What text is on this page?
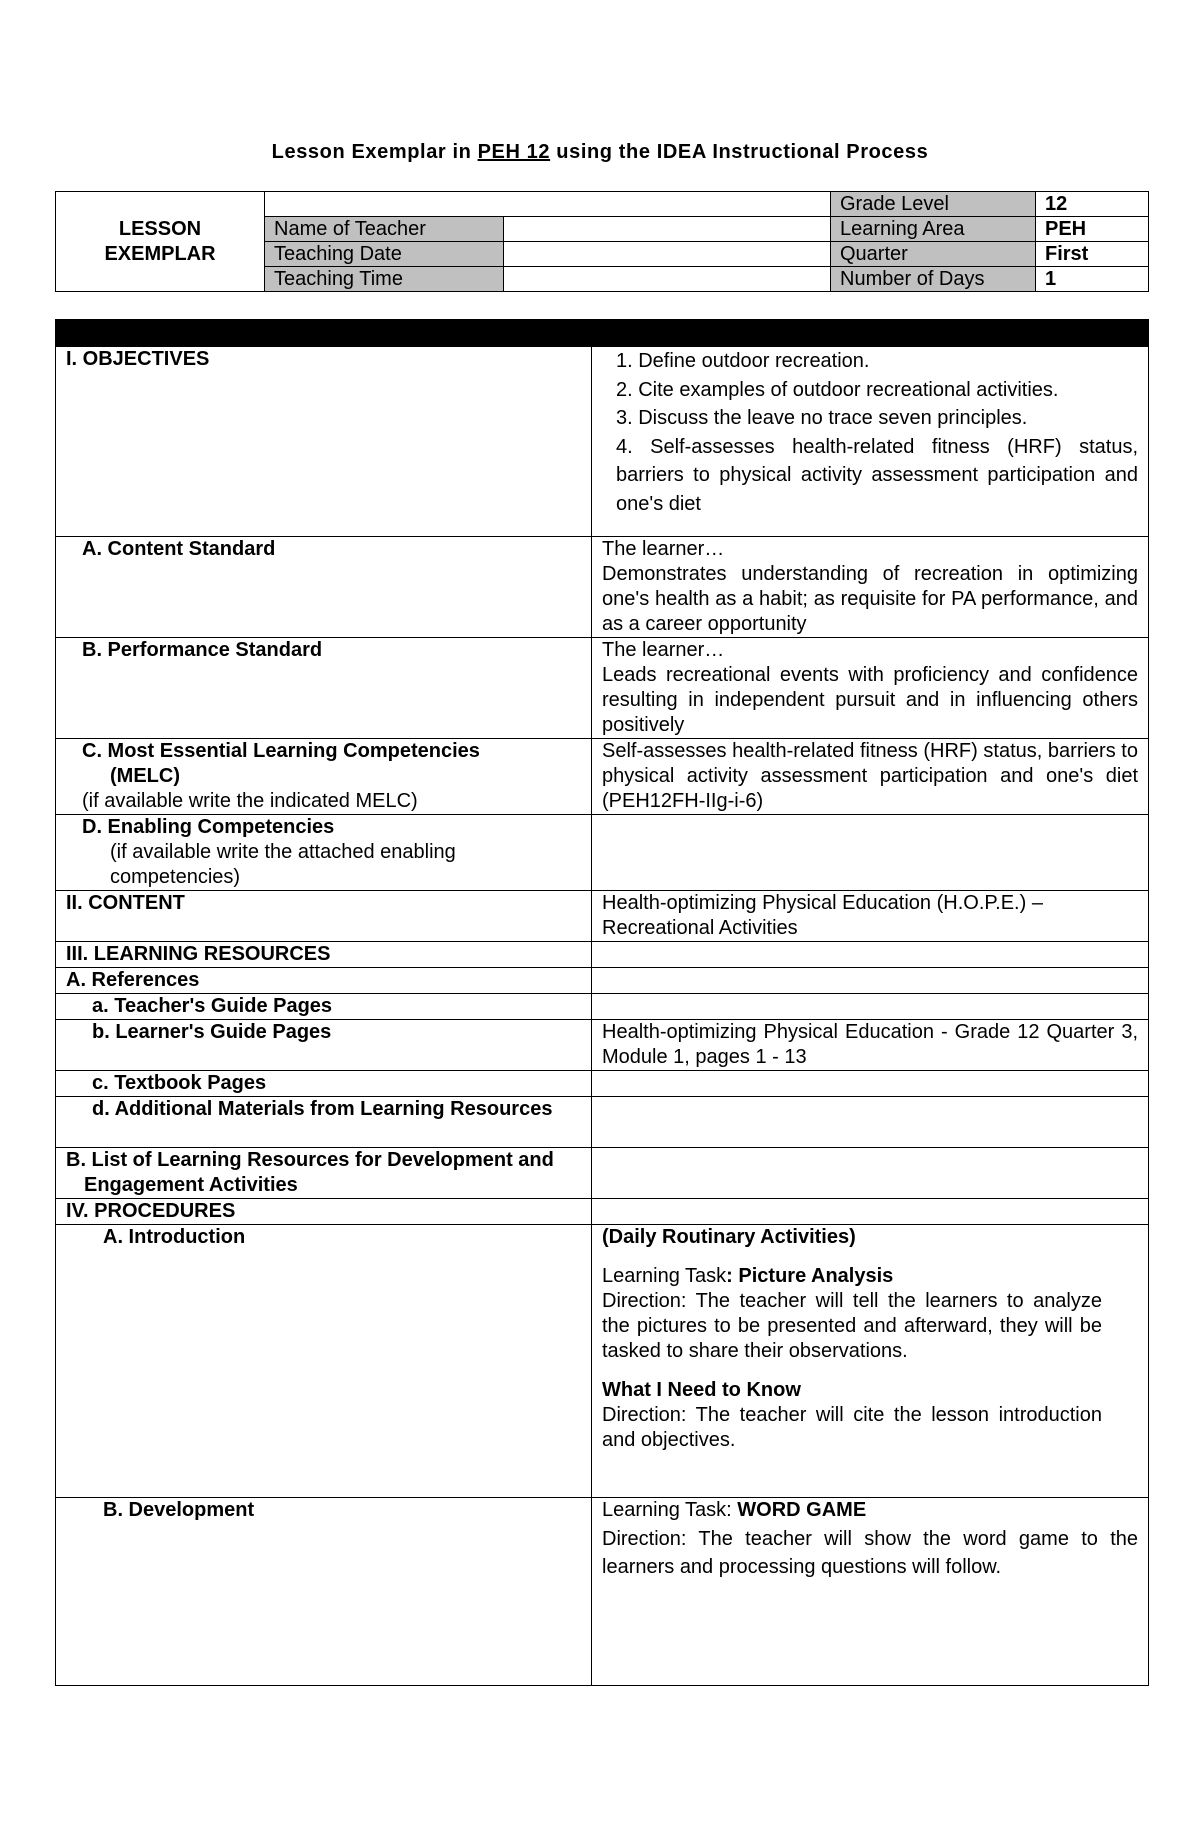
Lesson Exemplar in PEH 12 using the IDEA Instructional Process
LESSON
EXEMPLAR			Grade Level	12
	Name of Teacher		Learning Area	PEH
	Teaching Date		Quarter	First
	Teaching Time		Number of Days	1

I. OBJECTIVES	1. Define outdoor recreation.
2. Cite examples of outdoor recreational activities.
3. Discuss the leave no trace seven principles.
4. Self-assesses health-related fitness (HRF) status, barriers to physical activity assessment participation and one's diet

A. Content Standard	The learner…
Demonstrates understanding of recreation in optimizing one's health as a habit; as requisite for PA performance, and as a career opportunity

B. Performance Standard	The learner…
Leads recreational events with proficiency and confidence resulting in independent pursuit and in influencing others positively

C. Most Essential Learning Competencies
(MELC)
(if available write the indicated MELC)	Self-assesses health-related fitness (HRF) status, barriers to physical activity assessment participation and one's diet (PEH12FH-IIg-i-6)

D. Enabling Competencies
(if available write the attached enabling competencies)	

II. CONTENT	Health-optimizing Physical Education (H.O.P.E.) – Recreational Activities
III. LEARNING RESOURCES	
A. References	
a. Teacher's Guide Pages	
b. Learner's Guide Pages	Health-optimizing Physical Education - Grade 12 Quarter 3, Module 1, pages 1 - 13
c. Textbook Pages	
d. Additional Materials from Learning Resources	
B. List of Learning Resources for Development and Engagement Activities	
IV. PROCEDURES	
A. Introduction	(Daily Routinary Activities)
Learning Task: Picture Analysis
Direction: The teacher will tell the learners to analyze the pictures to be presented and afterward, they will be tasked to share their observations.
What I Need to Know
Direction: The teacher will cite the lesson introduction and objectives.

B. Development	Learning Task: WORD GAME
Direction: The teacher will show the word game to the learners and processing questions will follow.
